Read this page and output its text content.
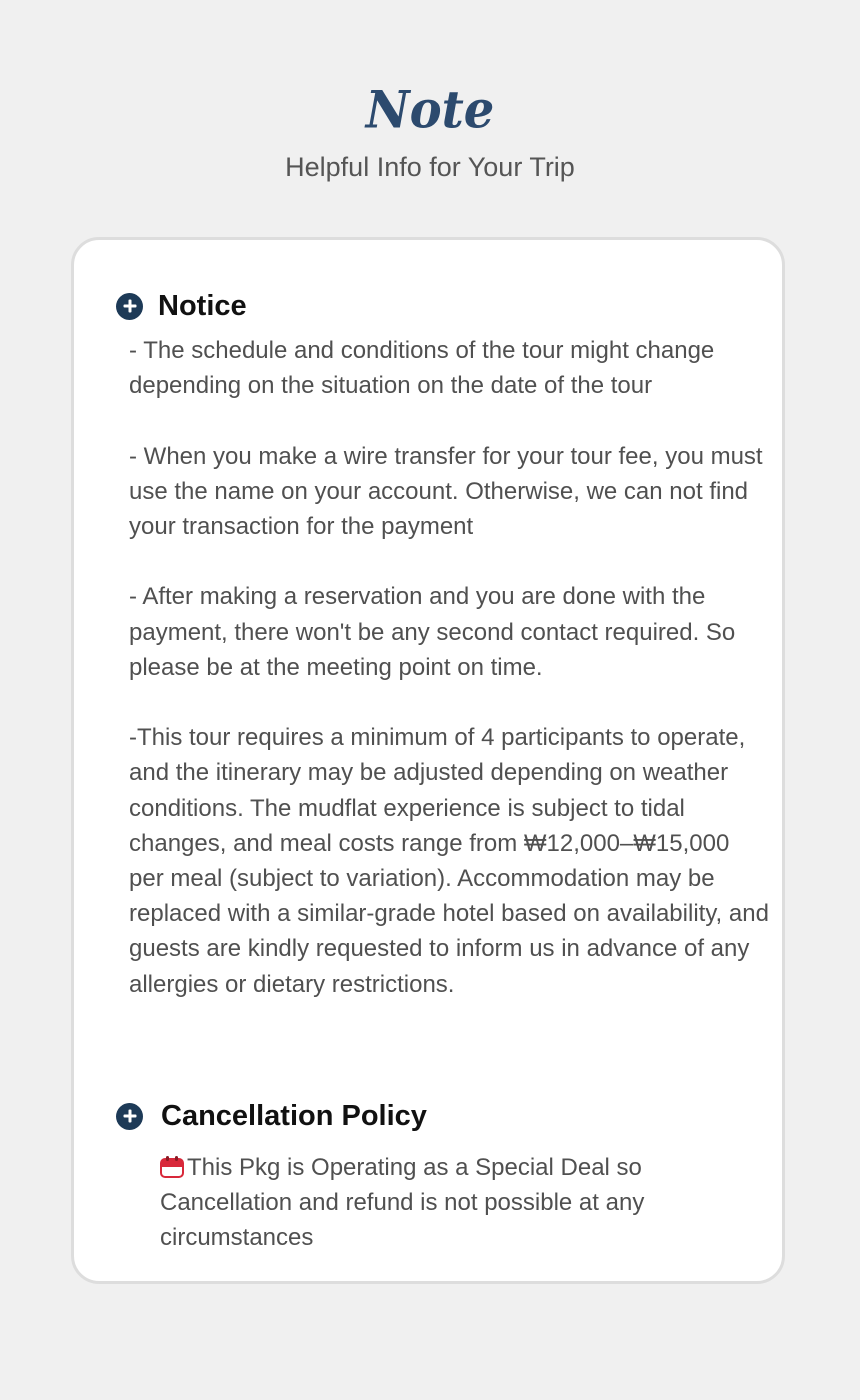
Note
Helpful Info for Your Trip
Notice
- The schedule and conditions of the tour might change depending on the situation on the date of the tour

- When you make a wire transfer for your tour fee, you must use the name on your account. Otherwise, we can not find your transaction for the payment

- After making a reservation and you are done with the payment, there won't be any second contact required. So please be at the meeting point on time.

-This tour requires a minimum of 4 participants to operate, and the itinerary may be adjusted depending on weather conditions. The mudflat experience is subject to tidal changes, and meal costs range from ₩12,000–₩15,000 per meal (subject to variation). Accommodation may be replaced with a similar-grade hotel based on availability, and guests are kindly requested to inform us in advance of any allergies or dietary restrictions.
Cancellation Policy
This Pkg is Operating as a Special Deal so Cancellation and refund is not possible at any circumstances
